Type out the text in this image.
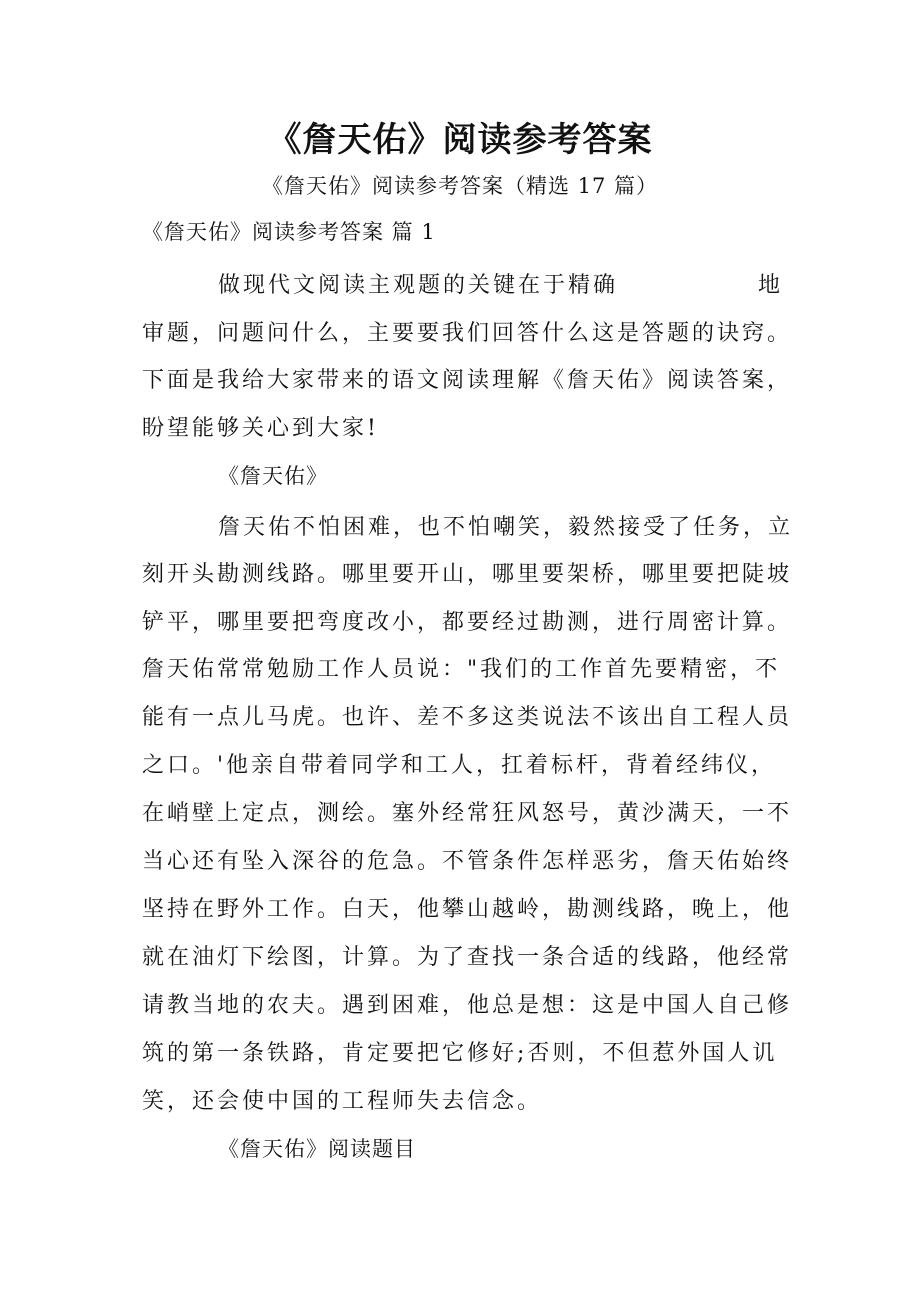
《詹天佑》阅读参考答案

《詹天佑》阅读参考答案（精选 17 篇）

《詹天佑》阅读参考答案 篇 1

做现代文阅读主观题的关键在于精确	地

审题，问题问什么，主要要我们回答什么这是答题的诀窍。

下面是我给大家带来的语文阅读理解《詹天佑》阅读答案，

盼望能够关心到大家!

《詹天佑》

詹天佑不怕困难，也不怕嘲笑，毅然接受了任务，立

刻开头勘测线路。哪里要开山，哪里要架桥，哪里要把陡坡

铲平，哪里要把弯度改小，都要经过勘测，进行周密计算。

詹天佑常常勉励工作人员说："我们的工作首先要精密，不

能有一点儿马虎。也许、差不多这类说法不该出自工程人员

之口。'他亲自带着同学和工人，扛着标杆，背着经纬仪，

在峭壁上定点，测绘。塞外经常狂风怒号，黄沙满天，一不

当心还有坠入深谷的危急。不管条件怎样恶劣，詹天佑始终

坚持在野外工作。白天，他攀山越岭，勘测线路，晚上，他

就在油灯下绘图，计算。为了查找一条合适的线路，他经常

请教当地的农夫。遇到困难，他总是想：这是中国人自己修

筑的第一条铁路，肯定要把它修好;否则，不但惹外国人讥

笑，还会使中国的工程师失去信念。

《詹天佑》阅读题目
